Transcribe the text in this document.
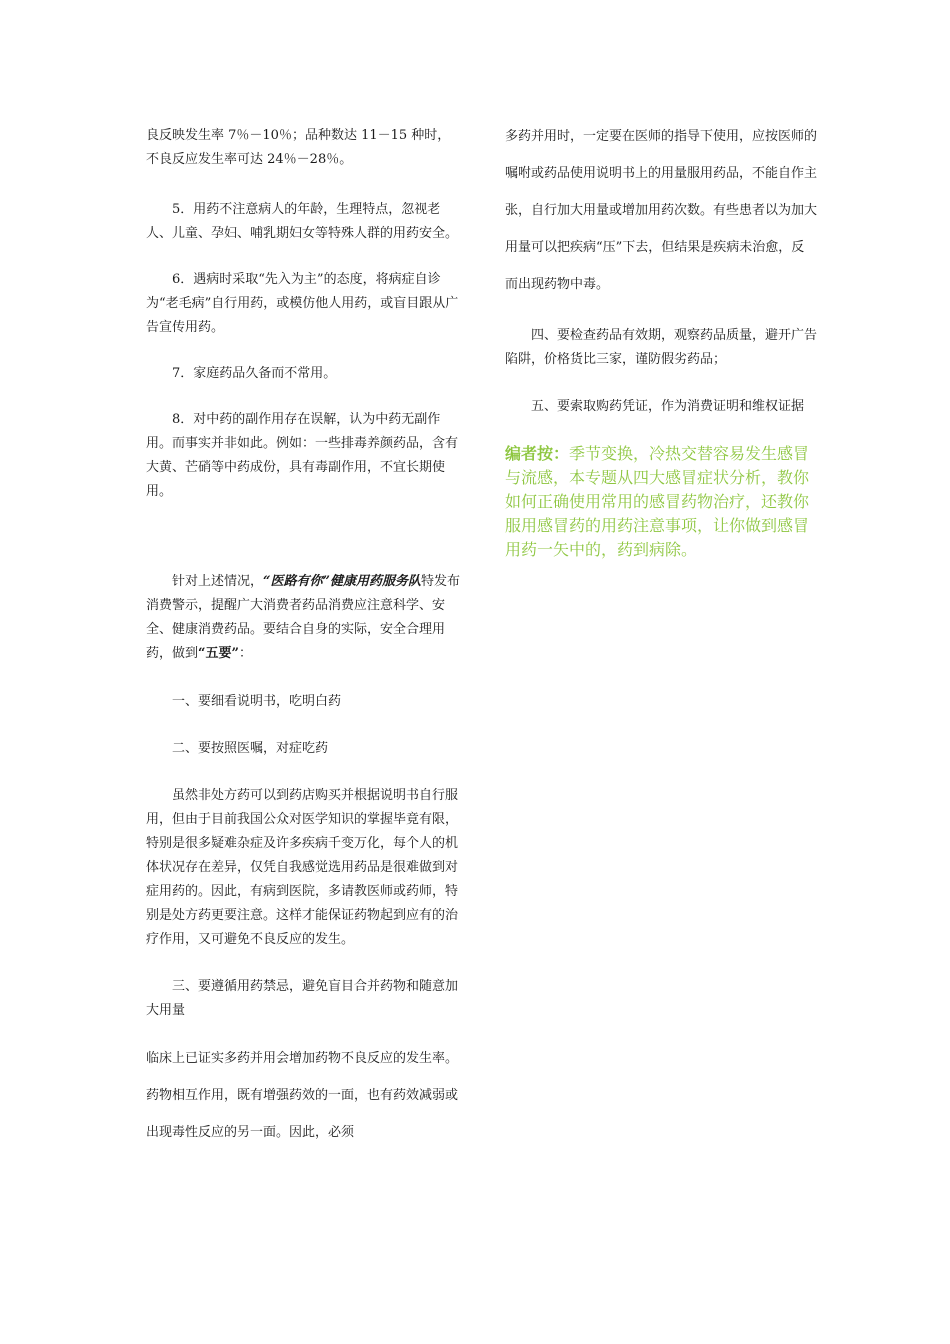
良反映发生率 7％－10％；品种数达 11－15 种时，不良反应发生率可达 24％－28％。

5．用药不注意病人的年龄，生理特点，忽视老人、儿童、孕妇、哺乳期妇女等特殊人群的用药安全。

6．遇病时采取“先入为主”的态度，将病症自诊为“老毛病”自行用药，或模仿他人用药，或盲目跟从广告宣传用药。

7．家庭药品久备而不常用。

8．对中药的副作用存在误解，认为中药无副作用。而事实并非如此。例如：一些排毒养颜药品，含有大黄、芒硝等中药成份，具有毒副作用，不宜长期使用。

针对上述情况，“医路有你”健康用药服务队特发布消费警示，提醒广大消费者药品消费应注意科学、安全、健康消费药品。要结合自身的实际，安全合理用药，做到“五要”：

一、要细看说明书，吃明白药

二、要按照医嘱，对症吃药

虽然非处方药可以到药店购买并根据说明书自行服用，但由于目前我国公众对医学知识的掌握毕竟有限，特别是很多疑难杂症及许多疾病千变万化，每个人的机体状况存在差异，仅凭自我感觉选用药品是很难做到对症用药的。因此，有病到医院，多请教医师或药师，特别是处方药更要注意。这样才能保证药物起到应有的治疗作用，又可避免不良反应的发生。

三、要遵循用药禁忌，避免盲目合并药物和随意加大用量

临床上已证实多药并用会增加药物不良反应的发生率。药物相互作用，既有增强药效的一面，也有药效减弱或出现毒性反应的另一面。因此，必须

多药并用时，一定要在医师的指导下使用，应按医师的嘱咐或药品使用说明书上的用量服用药品，不能自作主张，自行加大用量或增加用药次数。有些患者以为加大用量可以把疾病“压”下去，但结果是疾病未治愈，反而出现药物中毒。

四、要检查药品有效期，观察药品质量，避开广告陷阱，价格货比三家，谨防假劣药品；

五、要索取购药凭证，作为消费证明和维权证据

编者按：季节变换，冷热交替容易发生感冒与流感，本专题从四大感冒症状分析，教你如何正确使用常用的感冒药物治疗，还教你服用感冒药的用药注意事项，让你做到感冒用药一矢中的，药到病除。
